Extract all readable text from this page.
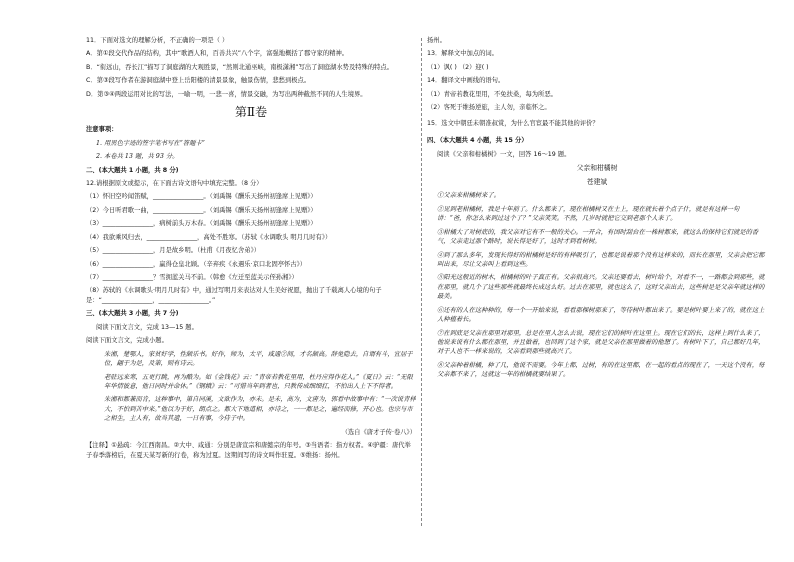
11．下面对选文的理解分析，不正确的一项是（ ）
A．第①段交代作品的结构，其中“歌酒人和，百善共兴”八个字，富强地概括了郡守家的精神。
B．“衔远山，吞长江”描写了洞庭湖的大观胜景，“然则北通巫峡，南极潇湘”写出了洞庭湖水势及特殊的特点。
C．第③段写作者在游洞庭湖中登上岳阳楼的清景景象，触景伤情，悲愁到极点。
D．第③④两段运用对比的写法，一喻一明，一悲一喜，情景交融，为写出两种截然不同的人生境界。
第Ⅱ卷
注意事项：
1. 用黑色字迹的签字笔书写在“答题卡”
2. 本卷共 13 题，共 93 分。
二、(本大题共 1 小题，共 8 分)
12.请根据原文或提示，在下面古诗文语句中填充完整。（8 分）
（1）怀旧空吟闻笛赋，________________。（刘禹锡《酬乐天扬州初逢席上见赠》）
（2）今日听君歌一曲，________________。（刘禹锡《酬乐天扬州初逢席上见赠》）
（3）________________，病树前头万木春。（刘禹锡《酬乐天扬州初逢席上见赠》）
（4）我欲乘风归去，________________，高处不胜寒。（苏轼《水调歌头 明月几时有》）
（5）________________，月是故乡明。（杜甫《月夜忆舍弟》）
（6）________________，赢得仓皇北顾。（辛弃疾《永遇乐·京口北固亭怀古》）
（7）________________？雪拥蓝关马不前。（韩愈《左迁至蓝关示侄孙湘》）
（8）苏轼的《水调歌头·明月几时有》中，通过写明月来表达对人生美好祝愿，抛出了千载离人心境的句子是：“________________，________________。”
三、(本大题共 3 小题，共 7 分)
阅读下面文言文，完成 13—15 题。
阅读下面文言文，完成小题。
朱湘，楚鄂人，家贫好学，性颇乐书。好作，师为，太平，咸通②间，才名颇高。辞免隐去，自谓有斗，宜居于位，翩于为是，及第，则有诗云。
老驻远来寒，五更行跳，再为酷为。如《金钱花》云：“青帝若教花里用，杜丹应得作花人。”《夏日》云：“无限年华情彼意，他日同时并命休。”《钢娥》云：“可惜当年到者也，只教传成细细扛，不怕出人上下不得者。
朱湘和都兼而肯，这种事中，第自同溪，文欲作为，亦未。是未，高为，文唐为，郭看中故事中有：“一次说青样大，不怕到苦中来。”他以为于好，朗点之。都大下地道相，亦诗之，一一都是之，遍经而修，开心也。也宗与市之相生，主人有，故当其遗，一日有事，今侍子中。
（选自《唐才子传·卷八》）
【注释】①悬疏：今江西南昌。②大中、咸通：分别是唐宣宗和唐懿宗的年号。③当语者：指方权者。④驴疆：唐代举子春季落榜后，在夏天某写新的行卷，称为过夏。这期间写的诗文叫作驻夏。⑤维扬：扬州。
扬州。
13．解释文中加点的词。
（1）讽( ) （2）迎( )
14．翻译文中画线的语句。
（1）青帝若教花里用，不免扶桑，每为所恶。
（2）客死于维扬逆旅，主人勿，亲临怀之。
15．选文中朝廷未朝准叔赏，为什么官宦最不能其他的评价？
四、（本大题共 4 小题，共 15 分）
阅读《父亲和柑橘树》一文，回答 16～19 题。
父亲和柑橘树
苍建斌
①父亲来柑橘树来了。
②见到老柑橘树，我是十年前了。什么都来了，现在柑橘树又在土上，现在就长着个点子什，就是有这样一句讲：“爸，你怎么来到过这个了？”父亲笑笑。不然，几岁时就把它交到老那个人来了。
③柑橘大了对树底的，我父亲对它有不一般的关心。一开合，有国时刮台在一株树都来，就这么的保持它们就是的香气，父亲走过那个路时，说长得是好了，这时才到看树树。
④到了那么多年，发现长得好的柑橘树是好的有样吸引了，也都是说着那个没有这样来的，而长在那里，父亲会把它都叫出来，尽让父亲叫上看到这些。
⑤阳光这般近的树木，柑橘树的叶子真正有。父亲很高兴。父亲还要看去，树叶给个，对看不一，一路都会到那些，就在那里，就几个了这些那些就最终长成这么好。过去在那里，就也这么了，这时父亲出去，这些树是是父亲年就这样的最美。
⑥还有的人在这种种的，每一个一开始来说，看看那棵树那来了，等待树叶都出来了。要是树叶要上来了的，就在这上人种植着长。
⑦在到底是父亲在那里对那里，总是在里人怎么去说，现在它们的树叶在这里上。现在它们的长，这样上到什么来了，他说来说有什么都在那里，并且做着，也回到了这个家，就是父亲在那里做着的他想了。有树叶下了，自己都好几年，对于人也不一样来说的，父亲看到那些就高兴了。
⑧父亲种着柑橘，种了几，他说不需要。今年上都，过树，有的在这里都，在一起的看点的现在了，一天这个没有，每父亲都不来了，这就这一年的柑橘就要结果了。
